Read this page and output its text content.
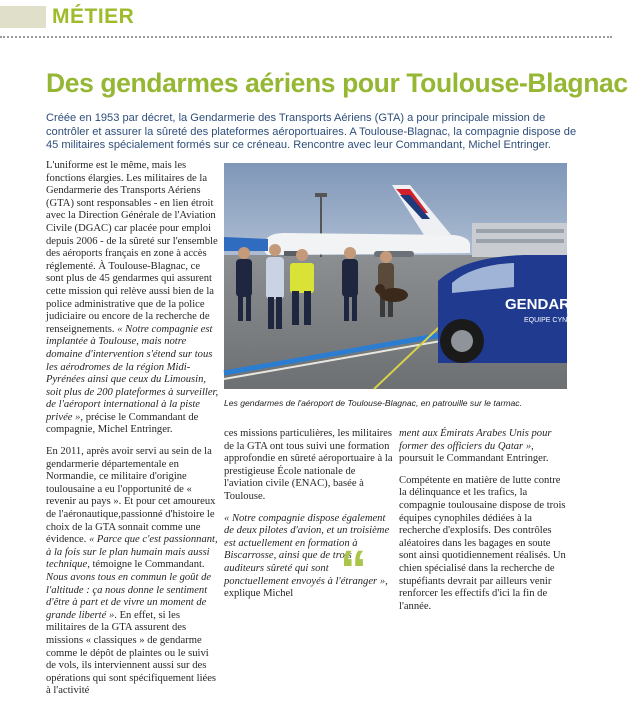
MÉTIER
Des gendarmes aériens pour Toulouse-Blagnac

Créée en 1953 par décret, la Gendarmerie des Transports Aériens (GTA) a pour principale mission de contrôler et assurer la sûreté des plateformes aéroportuaires. A Toulouse-Blagnac, la compagnie dispose de 45 militaires spécialement formés sur ce créneau. Rencontre avec leur Commandant, Michel Entringer.

L'uniforme est le même, mais les fonctions élargies. Les militaires de la Gendarmerie des Transports Aériens (GTA) sont responsables - en lien étroit avec la Direction Générale de l'Aviation Civile (DGAC) car placée pour emploi depuis 2006 - de la sûreté sur l'ensemble des aéroports français en zone à accès réglementé. À Toulouse-Blagnac, ce sont plus de 45 gendarmes qui assurent cette mission qui relève aussi bien de la police administrative que de la police judiciaire ou encore de la recherche de renseignements. « Notre compagnie est implantée à Toulouse, mais notre domaine d'intervention s'étend sur tous les aérodromes de la région Midi-Pyrénées ainsi que ceux du Limousin, soit plus de 200 plateformes à surveiller, de l'aéroport international à la piste privée », précise le Commandant de compagnie, Michel Entringer.

En 2011, après avoir servi au sein de la gendarmerie départementale en Normandie, ce militaire d'origine toulousaine a eu l'opportunité de « revenir au pays ». Et pour cet amoureux de l'aéronautique,passionné d'histoire le choix de la GTA sonnait comme une évidence. « Parce que c'est passionnant, à la fois sur le plan humain mais aussi technique, témoigne le Commandant. Nous avons tous en commun le goût de l'altitude : ça nous donne le sentiment d'être à part et de vivre un moment de grande liberté ». En effet, si les militaires de la GTA assurent des missions « classiques » de gendarme comme le dépôt de plaintes ou le suivi de vols, ils interviennent aussi sur des opérations qui sont spécifiquement liées à l'activité

GENDARM
EQUIPE CYNOP

Les gendarmes de l'aéroport de Toulouse-Blagnac, en patrouille sur le tarmac.

ces missions particulières, les militaires de la GTA ont tous suivi une formation approfondie en sûreté aéroportuaire à la prestigieuse École nationale de l'aviation civile (ENAC), basée à Toulouse.

« Notre compagnie dispose également de deux pilotes d'avion, et un troisième est actuellement en formation à Biscarrosse, ainsi que de trois auditeurs sûreté qui sont ponctuellement envoyés à l'étranger », explique Michel

ment aux Émirats Arabes Unis pour former des officiers du Qatar », poursuit le Commandant Entringer.

Compétente en matière de lutte contre la délinquance et les trafics, la compagnie toulousaine dispose de trois équipes cynophiles dédiées à la recherche d'explosifs. Des contrôles aléatoires dans les bagages en soute sont ainsi quotidiennement réalisés. Un chien spécialisé dans la recherche de stupéfiants devrait par ailleurs venir renforcer les effectifs d'ici la fin de l'année.

“
